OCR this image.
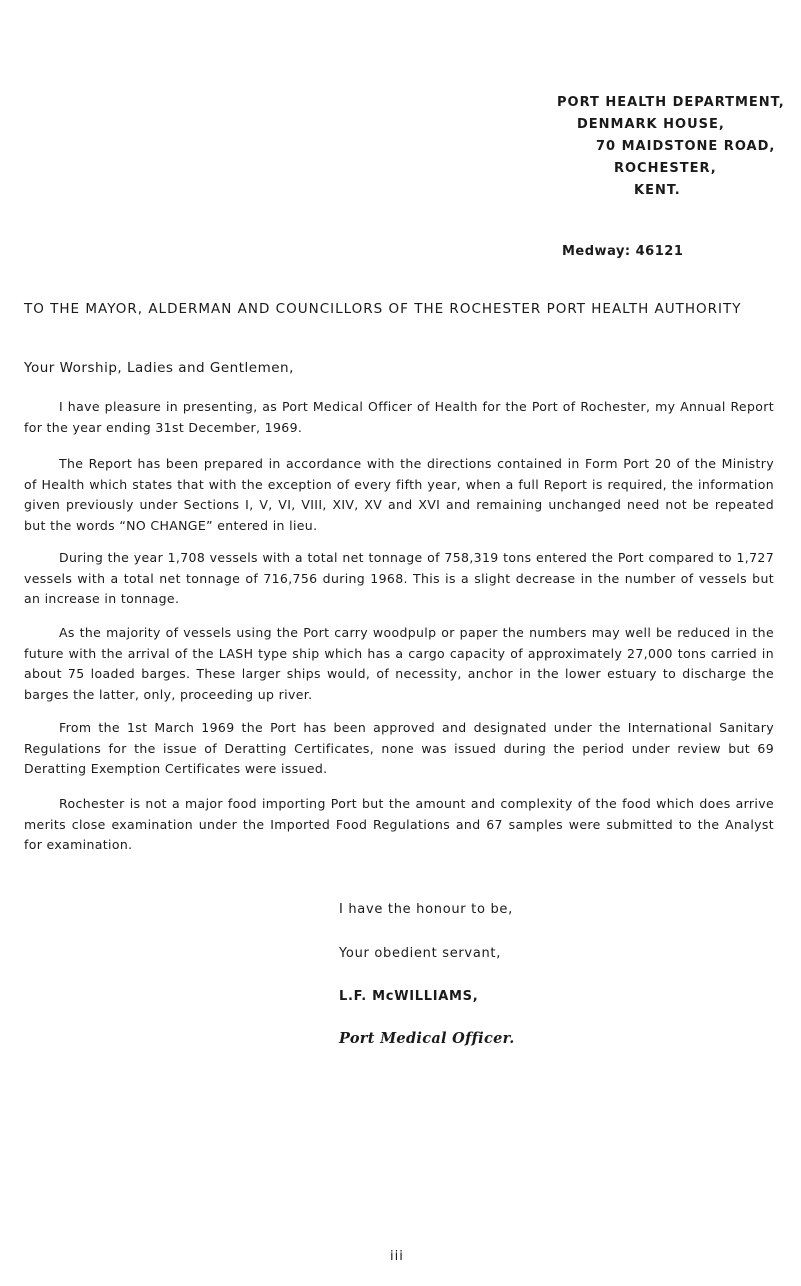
PORT HEALTH DEPARTMENT,
DENMARK HOUSE,
70 MAIDSTONE ROAD,
ROCHESTER,
KENT.
Medway: 46121
TO THE MAYOR, ALDERMAN AND COUNCILLORS OF THE ROCHESTER PORT HEALTH AUTHORITY
Your Worship, Ladies and Gentlemen,

I have pleasure in presenting, as Port Medical Officer of Health for the Port of Rochester, my Annual Report for the year ending 31st December, 1969.

The Report has been prepared in accordance with the directions contained in Form Port 20 of the Ministry of Health which states that with the exception of every fifth year, when a full Report is required, the information given previously under Sections I, V, VI, VIII, XIV, XV and XVI and remaining unchanged need not be repeated but the words “NO CHANGE” entered in lieu.

During the year 1,708 vessels with a total net tonnage of 758,319 tons entered the Port compared to 1,727 vessels with a total net tonnage of 716,756 during 1968. This is a slight decrease in the number of vessels but an increase in tonnage.

As the majority of vessels using the Port carry woodpulp or paper the numbers may well be reduced in the future with the arrival of the LASH type ship which has a cargo capacity of approximately 27,000 tons carried in about 75 loaded barges. These larger ships would, of necessity, anchor in the lower estuary to discharge the barges the latter, only, proceeding up river.

From the 1st March 1969 the Port has been approved and designated under the International Sanitary Regulations for the issue of Deratting Certificates, none was issued during the period under review but 69 Deratting Exemption Certificates were issued.

Rochester is not a major food importing Port but the amount and complexity of the food which does arrive merits close examination under the Imported Food Regulations and 67 samples were submitted to the Analyst for examination.

I have the honour to be,
Your obedient servant,
L.F. McWILLIAMS,
Port Medical Officer.
iii
